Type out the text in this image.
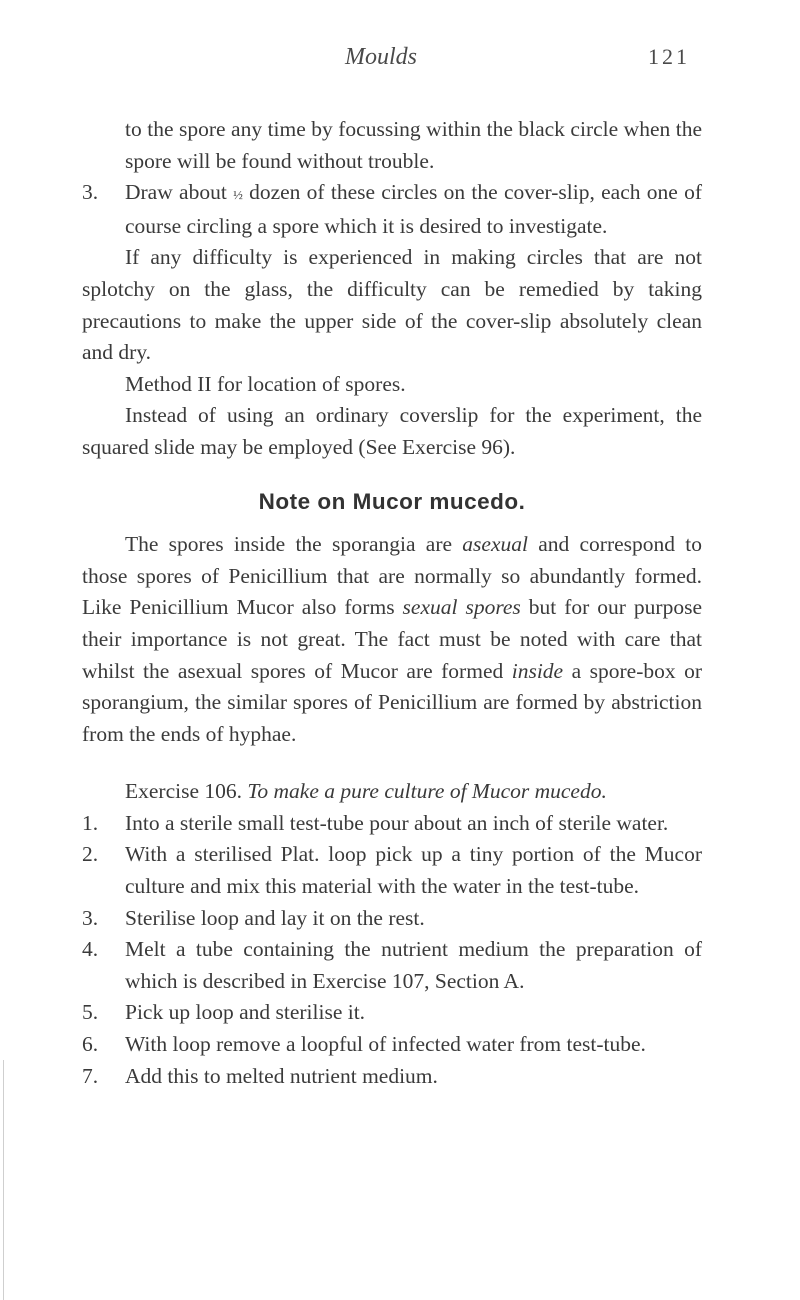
Moulds	121

to the spore any time by focussing within the black circle when the spore will be found without trouble.

3. Draw about ½ dozen of these circles on the cover-slip, each one of course circling a spore which it is desired to investigate.

If any difficulty is experienced in making circles that are not splotchy on the glass, the difficulty can be remedied by taking precautions to make the upper side of the cover-slip absolutely clean and dry.

Method II for location of spores.

Instead of using an ordinary coverslip for the experiment, the squared slide may be employed (See Exercise 96).

Note on Mucor mucedo.

The spores inside the sporangia are asexual and correspond to those spores of Penicillium that are normally so abundantly formed. Like Penicillium Mucor also forms sexual spores but for our purpose their importance is not great. The fact must be noted with care that whilst the asexual spores of Mucor are formed inside a spore-box or sporangium, the similar spores of Penicillium are formed by abstriction from the ends of hyphae.

Exercise 106. To make a pure culture of Mucor mucedo.

1. Into a sterile small test-tube pour about an inch of sterile water.

2. With a sterilised Plat. loop pick up a tiny portion of the Mucor culture and mix this material with the water in the test-tube.

3. Sterilise loop and lay it on the rest.

4. Melt a tube containing the nutrient medium the preparation of which is described in Exercise 107, Section A.

5. Pick up loop and sterilise it.

6. With loop remove a loopful of infected water from test-tube.

7. Add this to melted nutrient medium.
